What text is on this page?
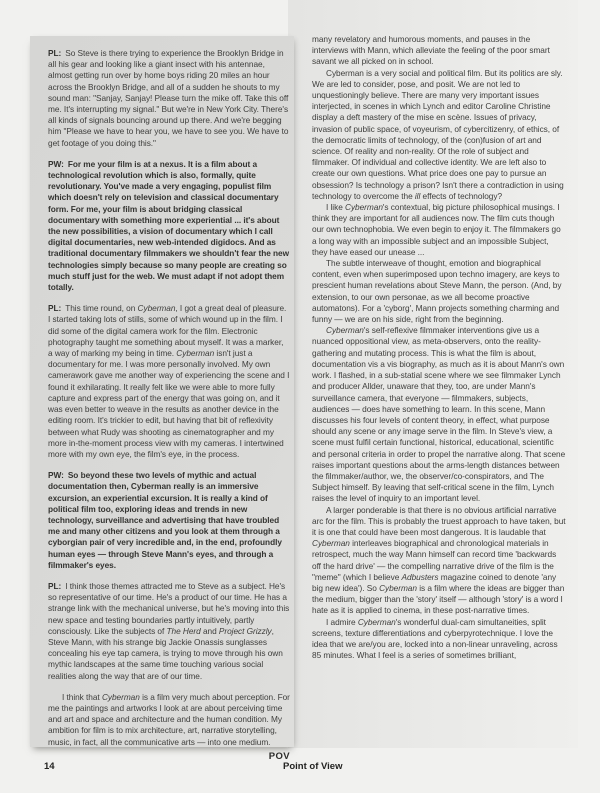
PL: So Steve is there trying to experience the Brooklyn Bridge in all his gear and looking like a giant insect with his antennae, almost getting run over by home boys riding 20 miles an hour across the Brooklyn Bridge, and all of a sudden he shouts to my sound man: "Sanjay, Sanjay! Please turn the mike off. Take this off me. It's interrupting my signal." But we're in New York City. There's all kinds of signals bouncing around up there. And we're begging him "Please we have to hear you, we have to see you. We have to get footage of you doing this."

PW: For me your film is at a nexus. It is a film about a technological revolution which is also, formally, quite revolutionary. You've made a very engaging, populist film which doesn't rely on television and classical documentary form. For me, your film is about bridging classical documentary with something more experiential ... it's about the new possibilities, a vision of documentary which I call digital documentaries, new web-intended digidocs. And as traditional documentary filmmakers we shouldn't fear the new technologies simply because so many people are creating so much stuff just for the web. We must adapt if not adopt them totally.

PL: This time round, on Cyberman, I got a great deal of pleasure. I started taking lots of stills, some of which wound up in the film. I did some of the digital camera work for the film. Electronic photography taught me something about myself. It was a marker, a way of marking my being in time. Cyberman isn't just a documentary for me. I was more personally involved. My own camerawork gave me another way of experiencing the scene and I found it exhilarating. It really felt like we were able to more fully capture and express part of the energy that was going on, and it was even better to weave in the results as another device in the editing room. It's trickier to edit, but having that bit of reflexivity between what Rudy was shooting as cinematographer and my more in-the-moment process view with my cameras. I intertwined more with my own eye, the film's eye, in the process.

PW: So beyond these two levels of mythic and actual documentation then, Cyberman really is an immersive excursion, an experiential excursion. It is really a kind of political film too, exploring ideas and trends in new technology, surveillance and advertising that have troubled me and many other citizens and you look at them through a cyborgian pair of very incredible and, in the end, profoundly human eyes — through Steve Mann's eyes, and through a filmmaker's eyes.

PL: I think those themes attracted me to Steve as a subject. He's so representative of our time. He's a product of our time. He has a strange link with the mechanical universe, but he's moving into this new space and testing boundaries partly intuitively, partly consciously. Like the subjects of The Herd and Project Grizzly, Steve Mann, with his strange big Jackie Onassis sunglasses concealing his eye tap camera, is trying to move through his own mythic landscapes at the same time touching various social realities along the way that are of our time.

I think that Cyberman is a film very much about perception. For me the paintings and artworks I look at are about perceiving time and art and space and architecture and the human condition. My ambition for film is to mix architecture, art, narrative storytelling, music, in fact, all the communicative arts — into one medium.

POV

many revelatory and humorous moments, and pauses in the interviews with Mann, which alleviate the feeling of the poor smart savant we all picked on in school.

Cyberman is a very social and political film. But its politics are sly. We are led to consider, pose, and posit. We are not led to unquestioningly believe. There are many very important issues interjected, in scenes in which Lynch and editor Caroline Christine display a deft mastery of the mise en scène. Issues of privacy, invasion of public space, of voyeurism, of cybercitizenry, of ethics, of the democratic limits of technology, of the (con)fusion of art and science. Of reality and non-reality. Of the role of subject and filmmaker. Of individual and collective identity. We are left also to create our own questions. What price does one pay to pursue an obsession? Is technology a prison? Isn't there a contradiction in using technology to overcome the ill effects of technology?

I like Cyberman's contextual, big picture philosophical musings. I think they are important for all audiences now. The film cuts though our own technophobia. We even begin to enjoy it. The filmmakers go a long way with an impossible subject and an impossible Subject, they have eased our unease ...

The subtle interweave of thought, emotion and biographical content, even when superimposed upon techno imagery, are keys to prescient human revelations about Steve Mann, the person. (And, by extension, to our own personae, as we all become proactive automatons). For a 'cyborg', Mann projects something charming and funny — we are on his side, right from the beginning.

Cyberman's self-reflexive filmmaker interventions give us a nuanced oppositional view, as meta-observers, onto the reality-gathering and mutating process. This is what the film is about, documentation vis a vis biography, as much as it is about Mann's own work. I flashed, in a sub-statial scene where we see filmmaker Lynch and producer Allder, unaware that they, too, are under Mann's surveillance camera, that everyone — filmmakers, subjects, audiences — does have something to learn. In this scene, Mann discusses his four levels of content theory, in effect, what purpose should any scene or any image serve in the film. In Steve's view, a scene must fulfil certain functional, historical, educational, scientific and personal criteria in order to propel the narrative along. That scene raises important questions about the arms-length distances between the filmmaker/author, we, the observer/co-conspirators, and The Subject himself. By leaving that self-critical scene in the film, Lynch raises the level of inquiry to an important level.

A larger ponderable is that there is no obvious artificial narrative arc for the film. This is probably the truest approach to have taken, but it is one that could have been most dangerous. It is laudable that Cyberman interleaves biographical and chronological materials in retrospect, much the way Mann himself can record time 'backwards off the hard drive' — the compelling narrative drive of the film is the "meme" (which I believe Adbusters magazine coined to denote 'any big new idea'). So Cyberman is a film where the ideas are bigger than the medium, bigger than the 'story' itself — although 'story' is a word I hate as it is applied to cinema, in these post-narrative times.

I admire Cyberman's wonderful dual-cam simultaneities, split screens, texture differentiations and cyberpyrotechnique. I love the idea that we are/you are, locked into a non-linear unraveling, across 85 minutes. What I feel is a series of sometimes brilliant,

14	Point of View
